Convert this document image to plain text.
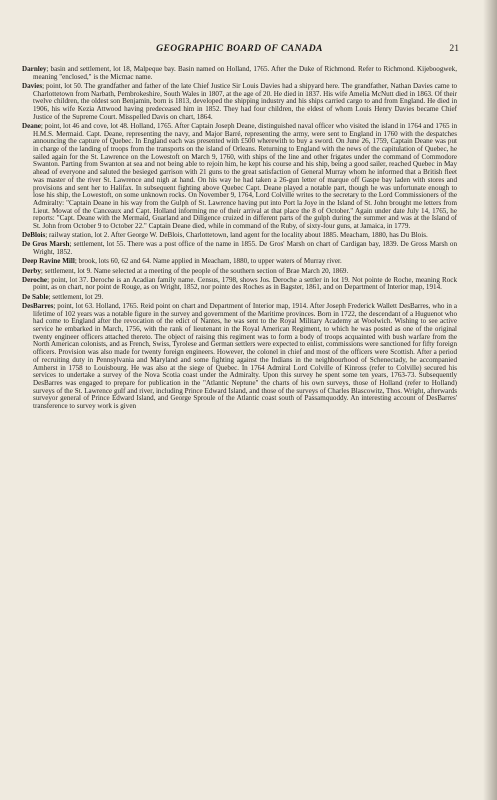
GEOGRAPHIC BOARD OF CANADA	21

Darnley; basin and settlement, lot 18, Malpeque bay. Basin named on Holland, 1765. After the Duke of Richmond. Refer to Richmond. Kijeboogwek, meaning "enclosed," is the Micmac name.

Davies; point, lot 50. The grandfather and father of the late Chief Justice Sir Louis Davies had a shipyard here. The grandfather, Nathan Davies came to Charlottetown from Narbath, Pembrokeshire, South Wales in 1807, at the age of 20. He died in 1837. His wife Amelia McNutt died in 1863. Of their twelve children, the oldest son Benjamin, born is 1813, developed the shipping industry and his ships carried cargo to and from England. He died in 1906, his wife Kezia Attwood having predeceased him in 1852. They had four children, the eldest of whom Louis Henry Davies became Chief Justice of the Supreme Court. Misspelled Davis on chart, 1864.

Deane; point, lot 46 and cove, lot 48. Holland, 1765. After Captain Joseph Deane, distinguished naval officer who visited the island in 1764 and 1765 in H.M.S. Mermaid. Capt. Deane, representing the navy, and Major Barré, representing the army, were sent to England in 1760 with the despatches announcing the capture of Quebec. In England each was presented with £500 wherewith to buy a sword. On June 26, 1759, Captain Deane was put in charge of the landing of troops from the transports on the island of Orleans. Returning to England with the news of the capitulation of Quebec, he sailed again for the St. Lawrence on the Lowestoft on March 9, 1760, with ships of the line and other frigates under the command of Commodore Swanton. Parting from Swanton at sea and not being able to rejoin him, he kept his course and his ship, being a good sailer, reached Quebec in May ahead of everyone and saluted the besieged garrison with 21 guns to the great satisfaction of General Murray whom he informed that a British fleet was master of the river St. Lawrence and nigh at hand. On his way he had taken a 26-gun letter of marque off Gaspe bay laden with stores and provisions and sent her to Halifax. In subsequent fighting above Quebec Capt. Deane played a notable part, though he was unfortunate enough to lose his ship, the Lowestoft, on some unknown rocks. On November 9, 1764, Lord Colville writes to the secretary to the Lord Commissioners of the Admiralty: "Captain Deane in his way from the Gulph of St. Lawrence having put into Port la Joye in the Island of St. John brought me letters from Lieut. Mowat of the Canceaux and Capt. Holland informing me of their arrival at that place the 8 of October." Again under date July 14, 1765, he reports: "Capt. Deane with the Mermaid, Guarland and Diligence cruized in different parts of the gulph during the summer and was at the Island of St. John from October 9 to October 22." Captain Deane died, while in command of the Ruby, of sixty-four guns, at Jamaica, in 1779.

DeBlois; railway station, lot 2. After George W. DeBlois, Charlottetown, land agent for the locality about 1885. Meacham, 1880, has Du Blois.

De Gros Marsh; settlement, lot 55. There was a post office of the name in 1855. De Gros' Marsh on chart of Cardigan bay, 1839. De Gross Marsh on Wright, 1852.

Deep Ravine Mill; brook, lots 60, 62 and 64. Name applied in Meacham, 1880, to upper waters of Murray river.

Derby; settlement, lot 9. Name selected at a meeting of the people of the southern section of Brae March 20, 1869.

Deroche; point, lot 37. Deroche is an Acadian family name. Census, 1798, shows Jos. Deroche a settler in lot 19. Not pointe de Roche, meaning Rock point, as on chart, nor point de Rouge, as on Wright, 1852, nor pointe des Roches as in Bagster, 1861, and on Department of Interior map, 1914.

De Sable; settlement, lot 29.

DesBarres; point, lot 63. Holland, 1765. Reid point on chart and Department of Interior map, 1914. After Joseph Frederick Wallett DesBarres, who in a lifetime of 102 years was a notable figure in the survey and government of the Maritime provinces. Born in 1722, the descendant of a Huguenot who had come to England after the revocation of the edict of Nantes, he was sent to the Royal Military Academy at Woolwich. Wishing to see active service he embarked in March, 1756, with the rank of lieutenant in the Royal American Regiment, to which he was posted as one of the original twenty engineer officers attached thereto. The object of raising this regiment was to form a body of troops acquainted with bush warfare from the North American colonists, and as French, Swiss, Tyrolese and German settlers were expected to enlist, commissions were sanctioned for fifty foreign officers. Provision was also made for twenty foreign engineers. However, the colonel in chief and most of the officers were Scottish. After a period of recruiting duty in Pennsylvania and Maryland and some fighting against the Indians in the neighbourhood of Schenectady, he accompanied Amherst in 1758 to Louisbourg. He was also at the siege of Quebec. In 1764 Admiral Lord Colville of Kinross (refer to Colville) secured his services to undertake a survey of the Nova Scotia coast under the Admiralty. Upon this survey he spent some ten years, 1763-73. Subsequently DesBarres was engaged to prepare for publication in the "Atlantic Neptune" the charts of his own surveys, those of Holland (refer to Holland) surveys of the St. Lawrence gulf and river, including Prince Edward Island, and those of the surveys of Charles Blascowitz, Thos. Wright, afterwards surveyor general of Prince Edward Island, and George Sproule of the Atlantic coast south of Passamquoddy. An interesting account of DesBarres' transference to survey work is given
